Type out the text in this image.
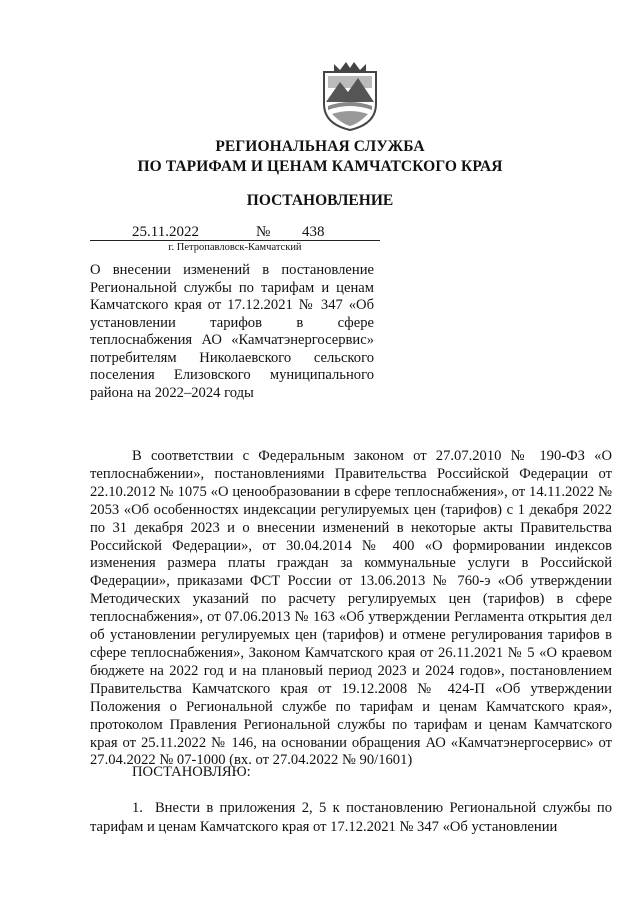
РЕГИОНАЛЬНАЯ СЛУЖБА
ПО ТАРИФАМ И ЦЕНАМ КАМЧАТСКОГО КРАЯ
ПОСТАНОВЛЕНИЕ
25.11.2022	№ 438
г. Петропавловск-Камчатский
О внесении изменений в постановление Региональной службы по тарифам и ценам Камчатского края от 17.12.2021 № 347 «Об установлении тарифов в сфере теплоснабжения АО «Камчатэнергосервис» потребителям Николаевского сельского поселения Елизовского муниципального района на 2022–2024 годы

В соответствии с Федеральным законом от 27.07.2010 № 190-ФЗ «О теплоснабжении», постановлениями Правительства Российской Федерации от 22.10.2012 № 1075 «О ценообразовании в сфере теплоснабжения», от 14.11.2022 № 2053 «Об особенностях индексации регулируемых цен (тарифов) с 1 декабря 2022 по 31 декабря 2023 и о внесении изменений в некоторые акты Правительства Российской Федерации», от 30.04.2014 № 400 «О формировании индексов изменения размера платы граждан за коммунальные услуги в Российской Федерации», приказами ФСТ России от 13.06.2013 № 760-э «Об утверждении Методических указаний по расчету регулируемых цен (тарифов) в сфере теплоснабжения», от 07.06.2013 № 163 «Об утверждении Регламента открытия дел об установлении регулируемых цен (тарифов) и отмене регулирования тарифов в сфере теплоснабжения», Законом Камчатского края от 26.11.2021 № 5 «О краевом бюджете на 2022 год и на плановый период 2023 и 2024 годов», постановлением Правительства Камчатского края от 19.12.2008 № 424-П «Об утверждении Положения о Региональной службе по тарифам и ценам Камчатского края», протоколом Правления Региональной службы по тарифам и ценам Камчатского края от 25.11.2022 № 146, на основании обращения АО «Камчатэнергосервис» от 27.04.2022 № 07-1000 (вх. от 27.04.2022 № 90/1601)

ПОСТАНОВЛЯЮ:

1. Внести в приложения 2, 5 к постановлению Региональной службы по тарифам и ценам Камчатского края от 17.12.2021 № 347 «Об установлении
